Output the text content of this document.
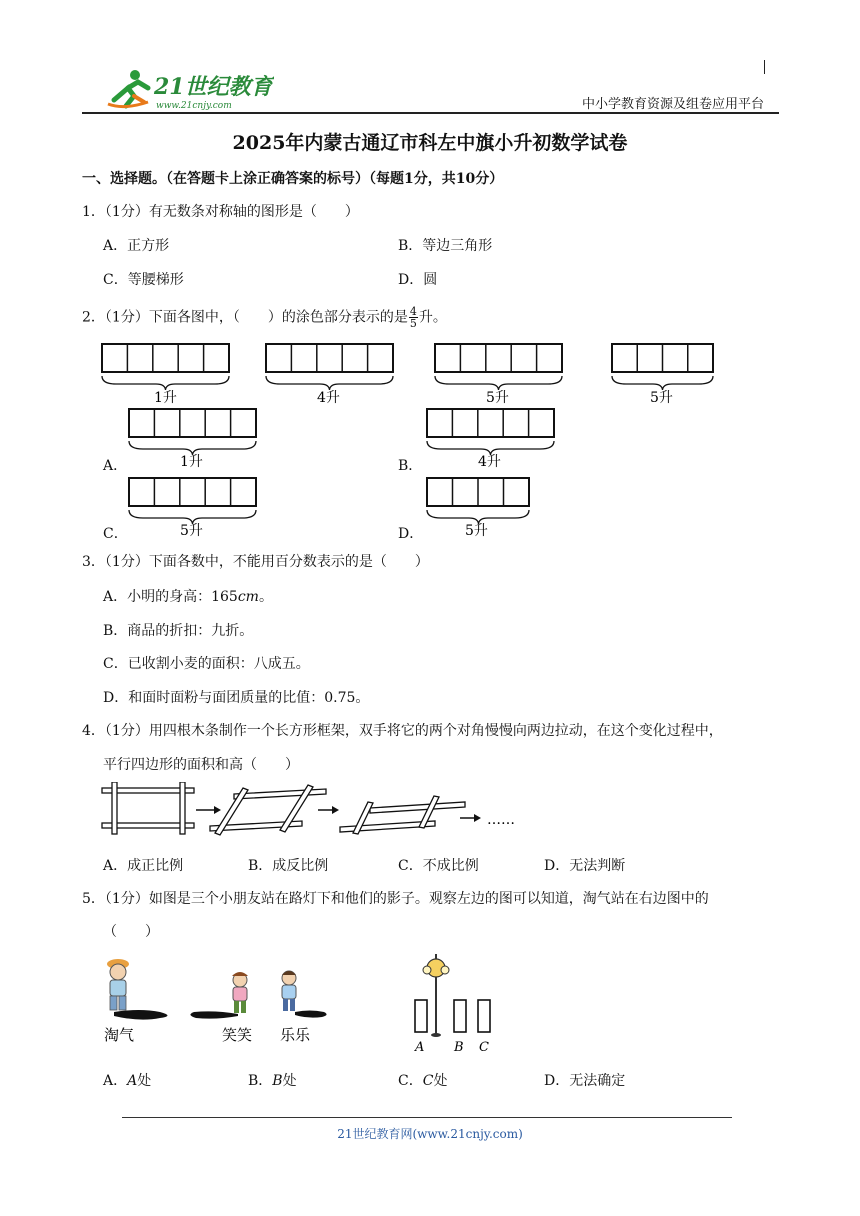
21世纪教育
www.21cnjy.com	中小学教育资源及组卷应用平台
2025年内蒙古通辽市科左中旗小升初数学试卷
一、选择题。（在答题卡上涂正确答案的标号）（每题1分，共10分）
1．（1分）有无数条对称轴的图形是（　　）
A．正方形	B．等边三角形
C．等腰梯形	D．圆
2．（1分）下面各图中，（　　）的涂色部分表示的是 $\frac{4}{5}$ 升。
1升	4升	5升	5升
A．	1升	B．	4升
C．	5升	D．	5升
3．（1分）下面各数中，不能用百分数表示的是（　　）
A．小明的身高：165cm。
B．商品的折扣：九折。
C．已收割小麦的面积：八成五。
D．和面时面粉与面团质量的比值：0.75。
4．（1分）用四根木条制作一个长方形框架，双手将它的两个对角慢慢向两边拉动，在这个变化过程中，
平行四边形的面积和高（　　）
……
A．成正比例	B．成反比例	C．不成比例	D．无法判断
5．（1分）如图是三个小朋友站在路灯下和他们的影子。观察左边的图可以知道，淘气站在右边图中的
（　　）
淘气	笑笑 乐乐
A B C
A．A处	B．B处	C．C处	D．无法确定
21世纪教育网(www.21cnjy.com)
